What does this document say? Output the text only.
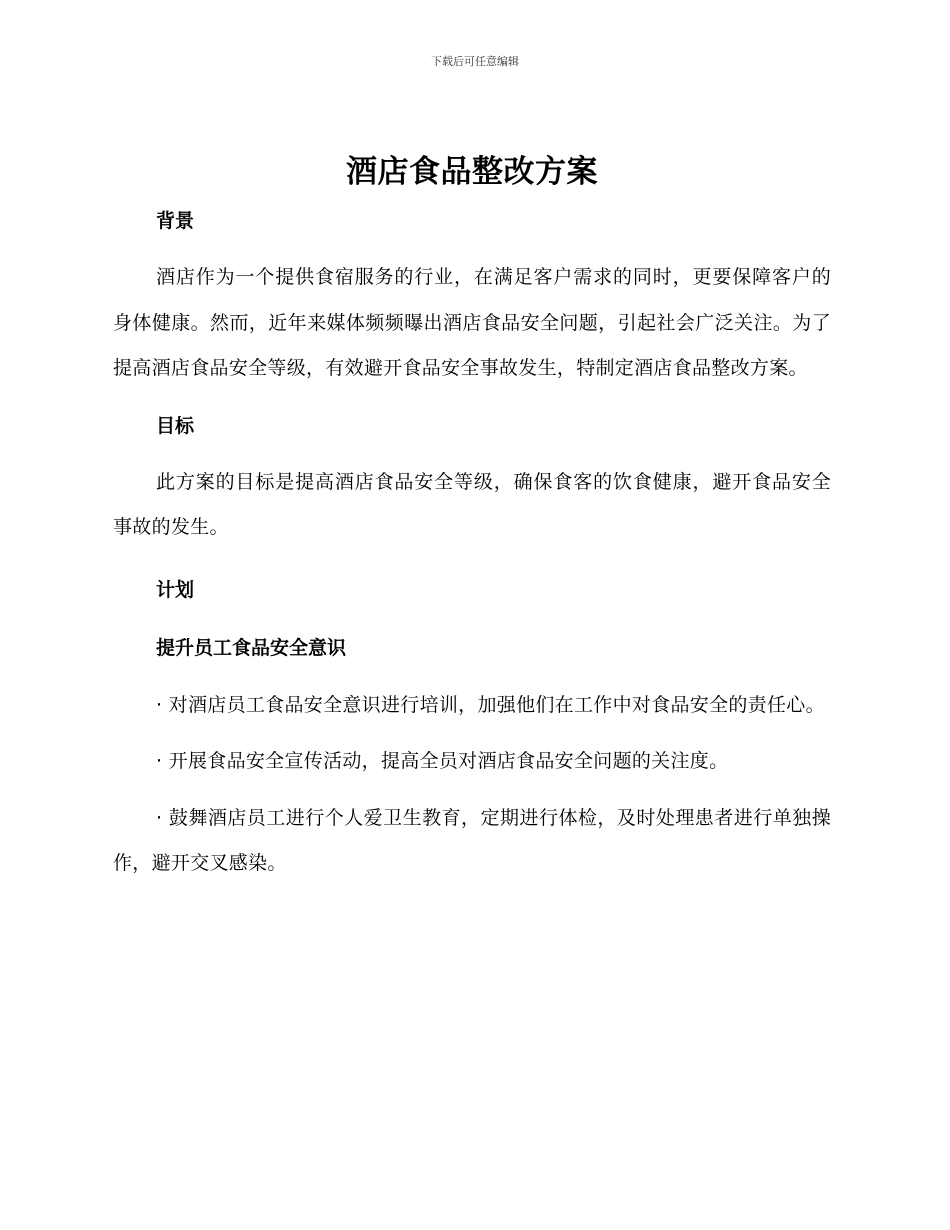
下载后可任意编辑
酒店食品整改方案

背景

酒店作为一个提供食宿服务的行业，在满足客户需求的同时，更要保障客户的身体健康。然而，近年来媒体频频曝出酒店食品安全问题，引起社会广泛关注。为了提高酒店食品安全等级，有效避开食品安全事故发生，特制定酒店食品整改方案。

目标

此方案的目标是提高酒店食品安全等级，确保食客的饮食健康，避开食品安全事故的发生。

计划

提升员工食品安全意识

· 对酒店员工食品安全意识进行培训，加强他们在工作中对食品安全的责任心。

· 开展食品安全宣传活动，提高全员对酒店食品安全问题的关注度。

· 鼓舞酒店员工进行个人爱卫生教育，定期进行体检，及时处理患者进行单独操作，避开交叉感染。
